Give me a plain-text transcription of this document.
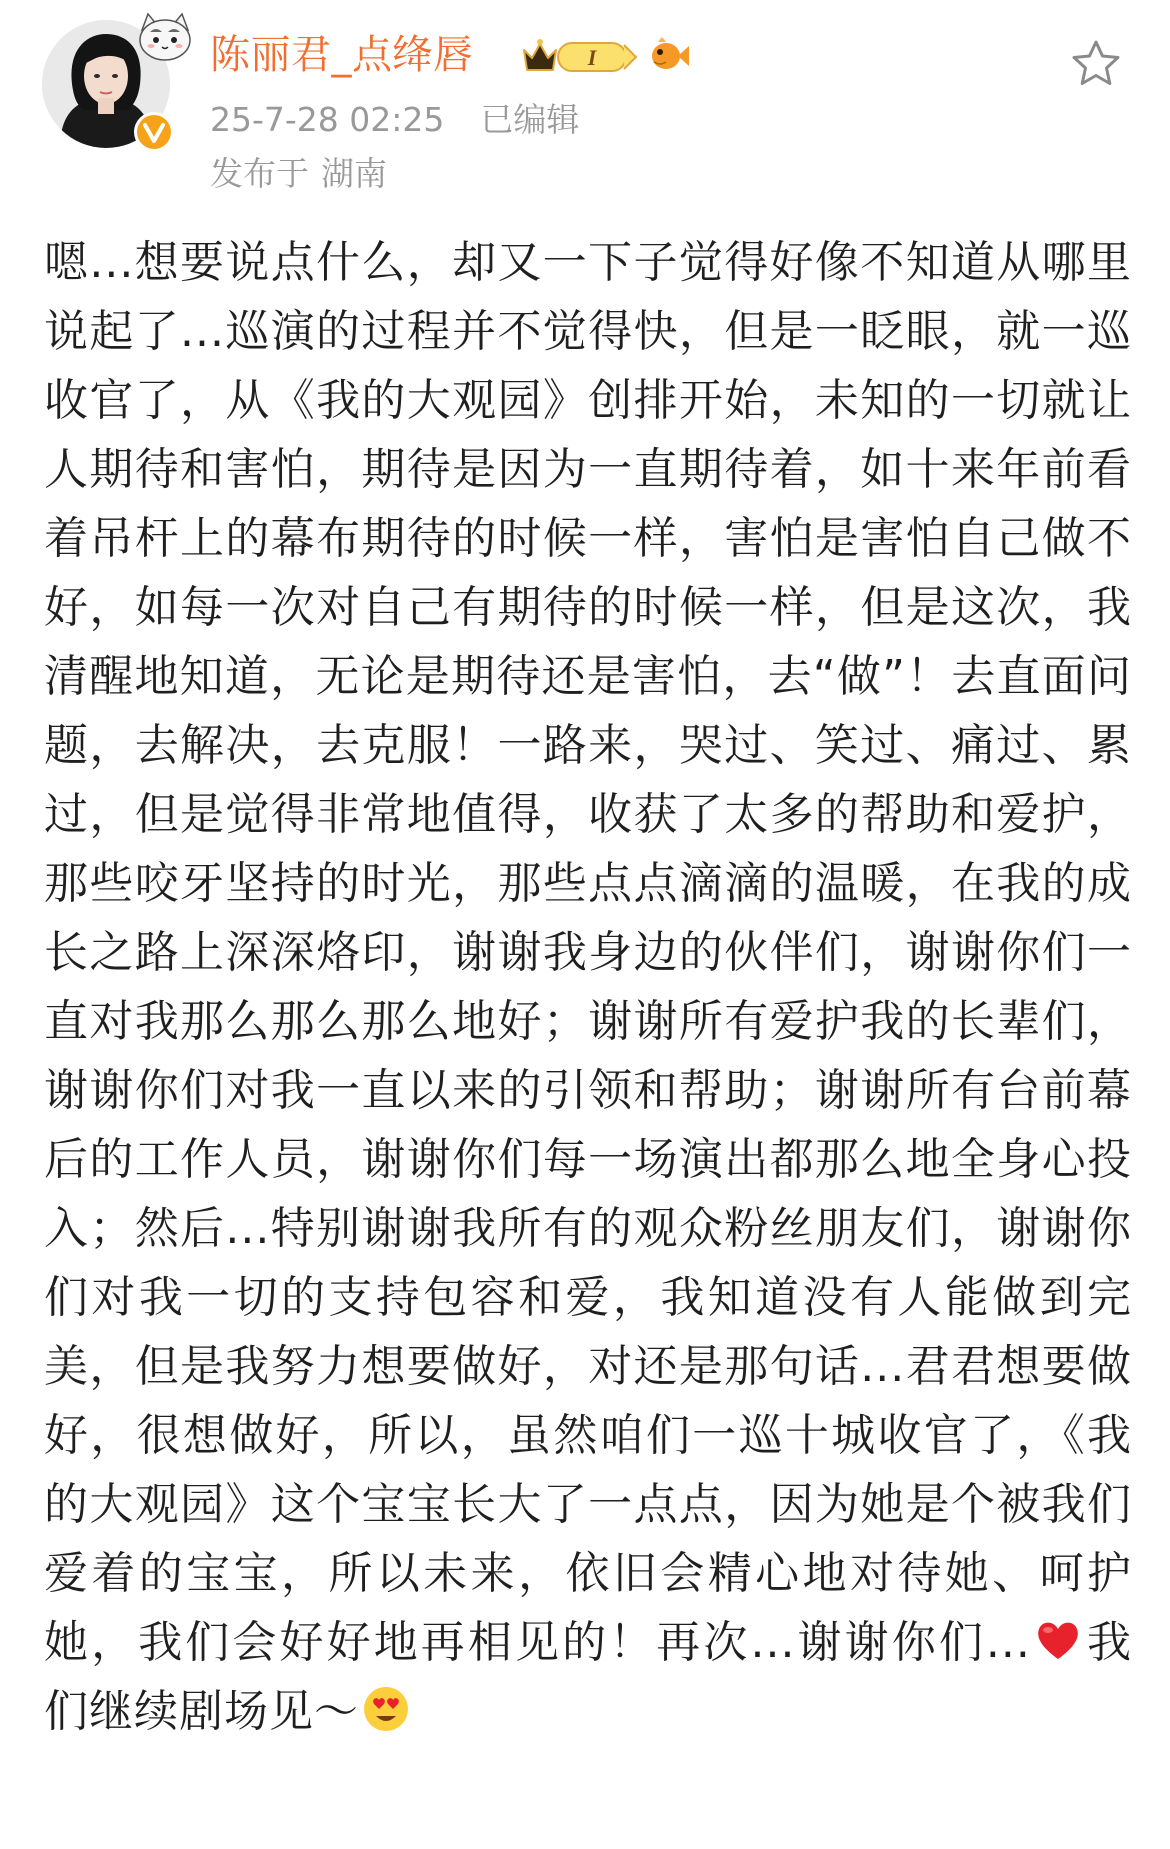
陈丽君_点绛唇	I
25-7-28 02:25 已编辑
发布于 湖南
嗯...想要说点什么，却又一下子觉得好像不知道从哪里说起了...巡演的过程并不觉得快，但是一眨眼，就一巡收官了，从《我的大观园》创排开始，未知的一切就让人期待和害怕，期待是因为一直期待着，如十来年前看着吊杆上的幕布期待的时候一样，害怕是害怕自己做不好，如每一次对自己有期待的时候一样，但是这次，我清醒地知道，无论是期待还是害怕，去“做”！去直面问题，去解决，去克服！一路来，哭过、笑过、痛过、累过，但是觉得非常地值得，收获了太多的帮助和爱护，那些咬牙坚持的时光，那些点点滴滴的温暖，在我的成长之路上深深烙印，谢谢我身边的伙伴们，谢谢你们一直对我那么那么那么地好；谢谢所有爱护我的长辈们，谢谢你们对我一直以来的引领和帮助；谢谢所有台前幕后的工作人员，谢谢你们每一场演出都那么地全身心投入；然后...特别谢谢我所有的观众粉丝朋友们，谢谢你们对我一切的支持包容和爱，我知道没有人能做到完美，但是我努力想要做好，对还是那句话...君君想要做好，很想做好，所以，虽然咱们一巡十城收官了，《我的大观园》这个宝宝长大了一点点，因为她是个被我们爱着的宝宝，所以未来，依旧会精心地对待她、呵护她，我们会好好地再相见的！再次...谢谢你们... 我们继续剧场见～
